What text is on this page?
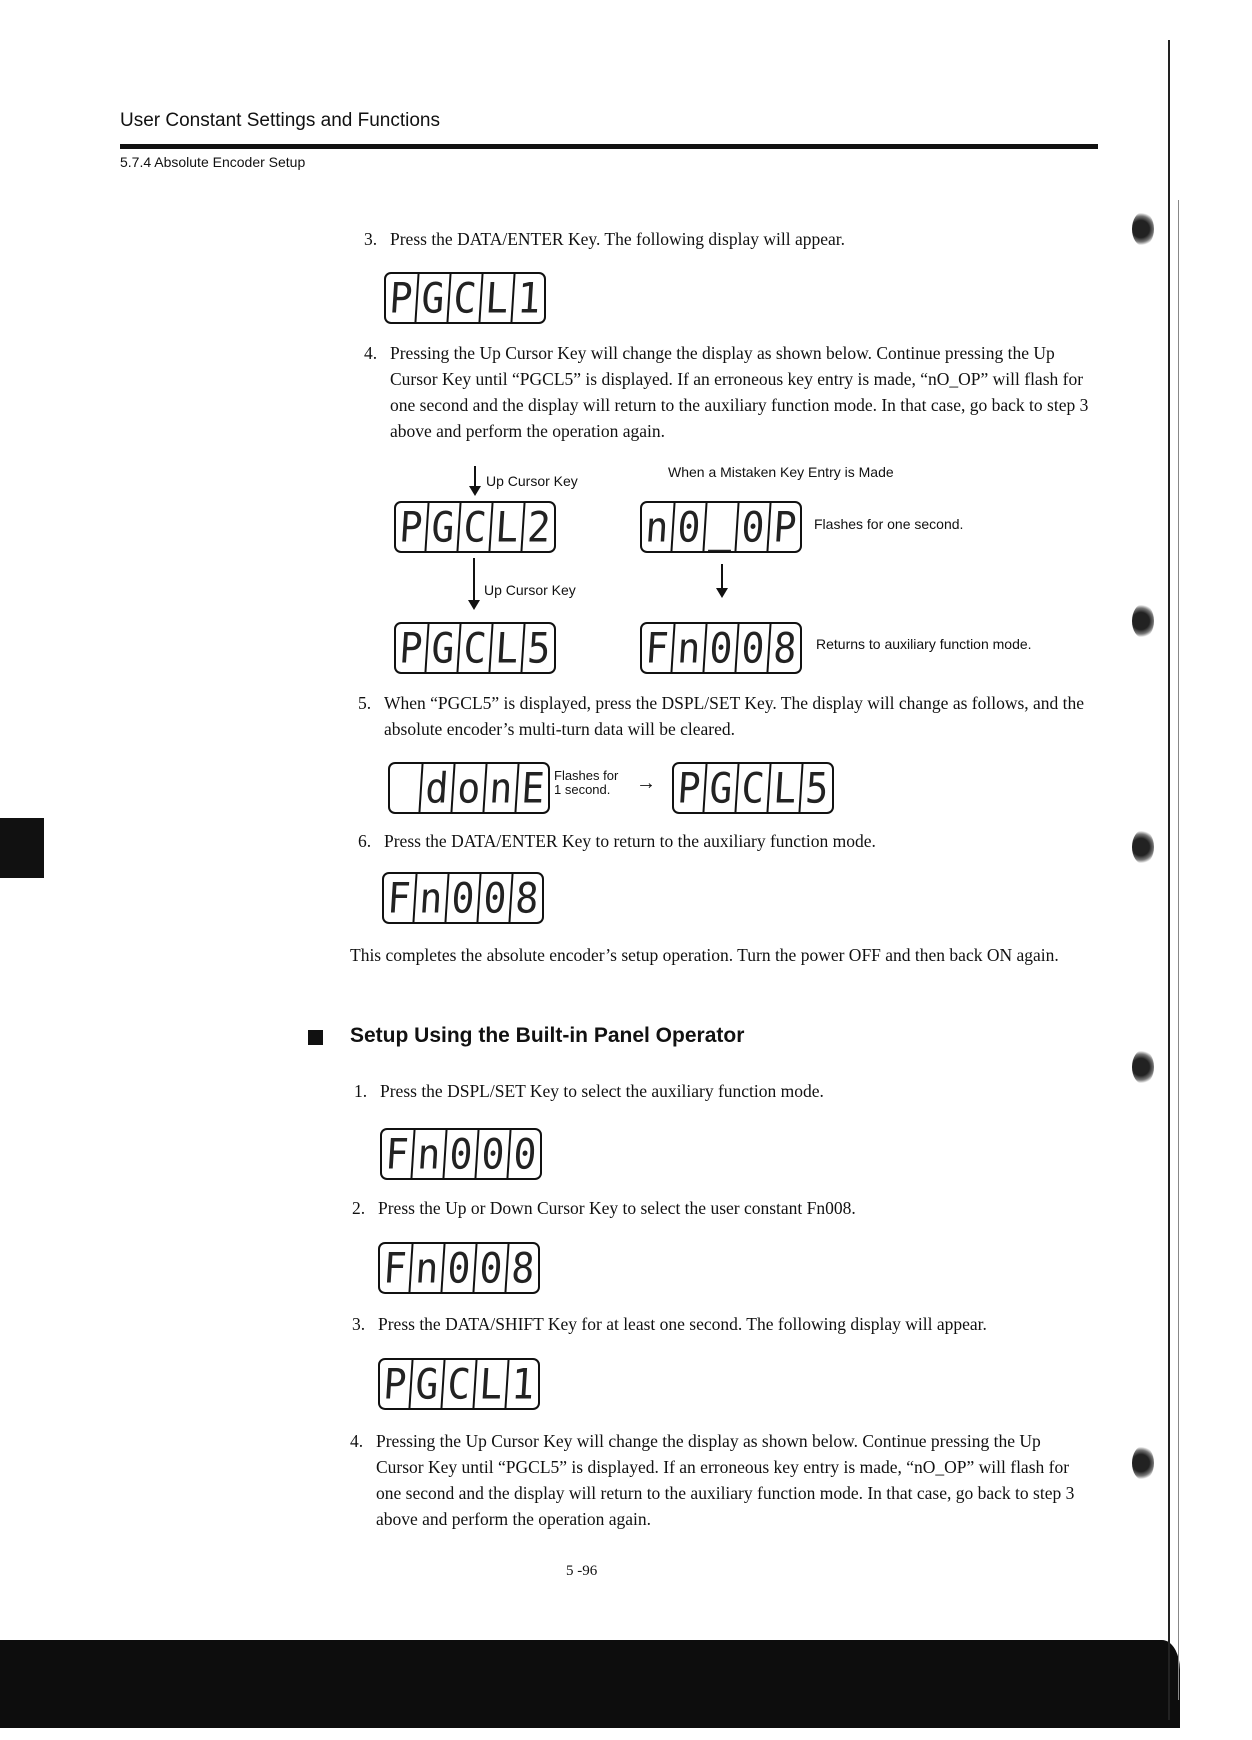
User Constant Settings and Functions
5.7.4 Absolute Encoder Setup
3. Press the DATA/ENTER Key. The following display will appear.
P G C L 1
4. Pressing the Up Cursor Key will change the display as shown below. Continue pressing the Up Cursor Key until “PGCL5” is displayed. If an erroneous key entry is made, “nO_OP” will flash for one second and the display will return to the auxiliary function mode. In that case, go back to step 3 above and perform the operation again.
Up Cursor Key
When a Mistaken Key Entry is Made
P G C L 2 n 0 _ 0 P Flashes for one second.
Up Cursor Key
P G C L 5 F n 0 0 8 Returns to auxiliary function mode.
5. When “PGCL5” is displayed, press the DSPL/SET Key. The display will change as follows, and the absolute encoder’s multi-turn data will be cleared.
d o n E Flashes for
1 second.	→ P G C L 5
6. Press the DATA/ENTER Key to return to the auxiliary function mode.
F n 0 0 8
This completes the absolute encoder’s setup operation. Turn the power OFF and then back ON again.
Setup Using the Built-in Panel Operator
1. Press the DSPL/SET Key to select the auxiliary function mode.
F n 0 0 0
2. Press the Up or Down Cursor Key to select the user constant Fn008.
F n 0 0 8
3. Press the DATA/SHIFT Key for at least one second. The following display will appear.
P G C L 1
4. Pressing the Up Cursor Key will change the display as shown below. Continue pressing the Up Cursor Key until “PGCL5” is displayed. If an erroneous key entry is made, “nO_OP” will flash for one second and the display will return to the auxiliary function mode. In that case, go back to step 3 above and perform the operation again.
5 -96
